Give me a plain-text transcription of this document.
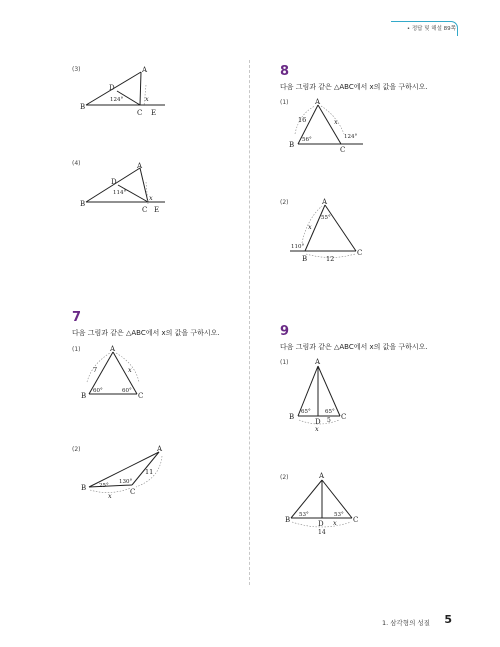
• 정답 및 해설 89쪽
(3)	A
B
C
D
E
124°	x
(4)	A
B
C
D
E
114°
x
7
다음 그림과 같은 △ABC에서 x의 값을 구하시오.
(1)	A
B	C
7	x
60°	60°
(2)	A
B	C
11
x
25°
130°
8
다음 그림과 같은 △ABC에서 x의 값을 구하시오.
(1)	A
B
C
16	x
56°	124°
(2)	A
B
C
12
x
55°
110°
9
다음 그림과 같은 △ABC에서 x의 값을 구하시오.
(1)	A
B	C
D 5
x
65°	65°
(2)	A
B	C
D
14
x
53°	53°
1. 삼각형의 성질 5
